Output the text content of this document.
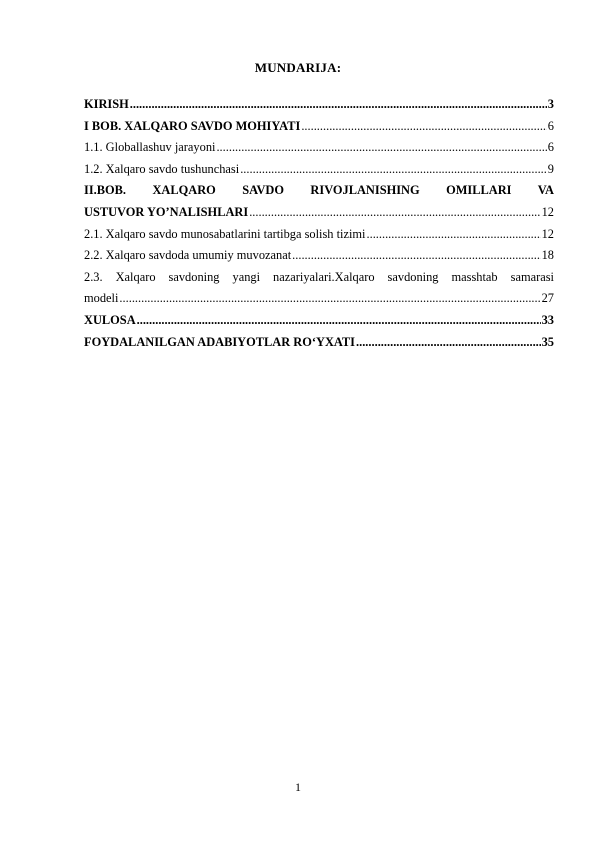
MUNDARIJA:
KIRISH .....	3
I BOB. XALQARO SAVDO MOHIYATI .....	6
1.1. Globallashuv jarayoni .....	6
1.2. Xalqaro savdo tushunchasi .....	9
II.BOB. XALQARO SAVDO RIVOJLANISHING OMILLARI VA
USTUVOR YO’NALISHLARI .....	12
2.1. Xalqaro savdo munosabatlarini tartibga solish tizimi .....	12
2.2. Xalqaro savdoda umumiy muvozanat .....	18
2.3. Xalqaro savdoning yangi nazariyalari.Xalqaro savdoning masshtab samarasi
modeli .....	27
XULOSA .....	33
FOYDALANILGAN ADABIYOTLAR RO‘YXATI .....	35
1
